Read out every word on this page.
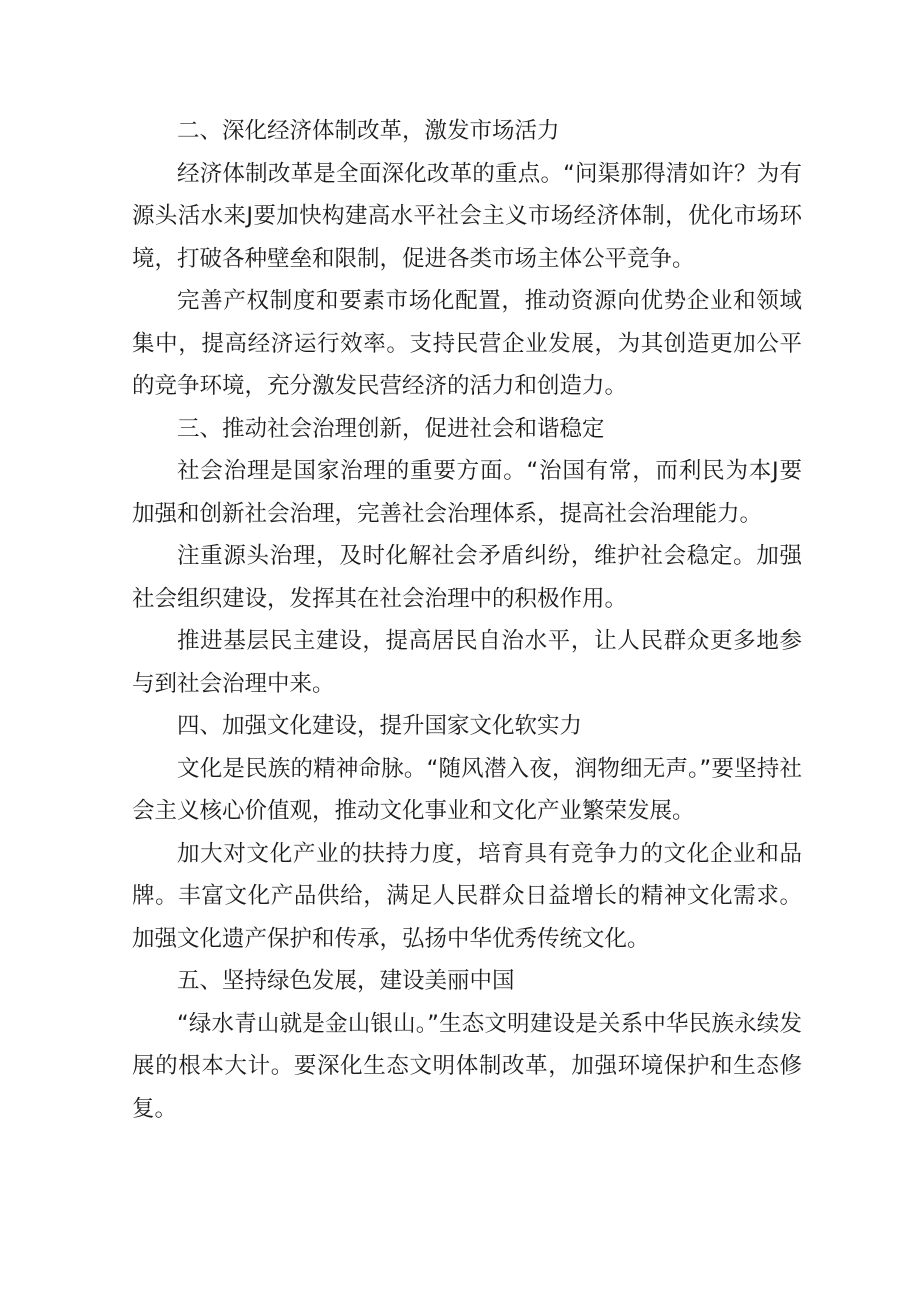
二、深化经济体制改革，激发市场活力

经济体制改革是全面深化改革的重点。“问渠那得清如许？为有源头活水来J要加快构建高水平社会主义市场经济体制，优化市场环境，打破各种壁垒和限制，促进各类市场主体公平竞争。

完善产权制度和要素市场化配置，推动资源向优势企业和领域集中，提高经济运行效率。支持民营企业发展，为其创造更加公平的竞争环境，充分激发民营经济的活力和创造力。

三、推动社会治理创新，促进社会和谐稳定

社会治理是国家治理的重要方面。“治国有常，而利民为本J要加强和创新社会治理，完善社会治理体系，提高社会治理能力。

注重源头治理，及时化解社会矛盾纠纷，维护社会稳定。加强社会组织建设，发挥其在社会治理中的积极作用。

推进基层民主建设，提高居民自治水平，让人民群众更多地参与到社会治理中来。

四、加强文化建设，提升国家文化软实力

文化是民族的精神命脉。“随风潜入夜，润物细无声。”要坚持社会主义核心价值观，推动文化事业和文化产业繁荣发展。

加大对文化产业的扶持力度，培育具有竞争力的文化企业和品牌。丰富文化产品供给，满足人民群众日益增长的精神文化需求。加强文化遗产保护和传承，弘扬中华优秀传统文化。

五、坚持绿色发展，建设美丽中国

“绿水青山就是金山银山。”生态文明建设是关系中华民族永续发展的根本大计。要深化生态文明体制改革，加强环境保护和生态修复。
